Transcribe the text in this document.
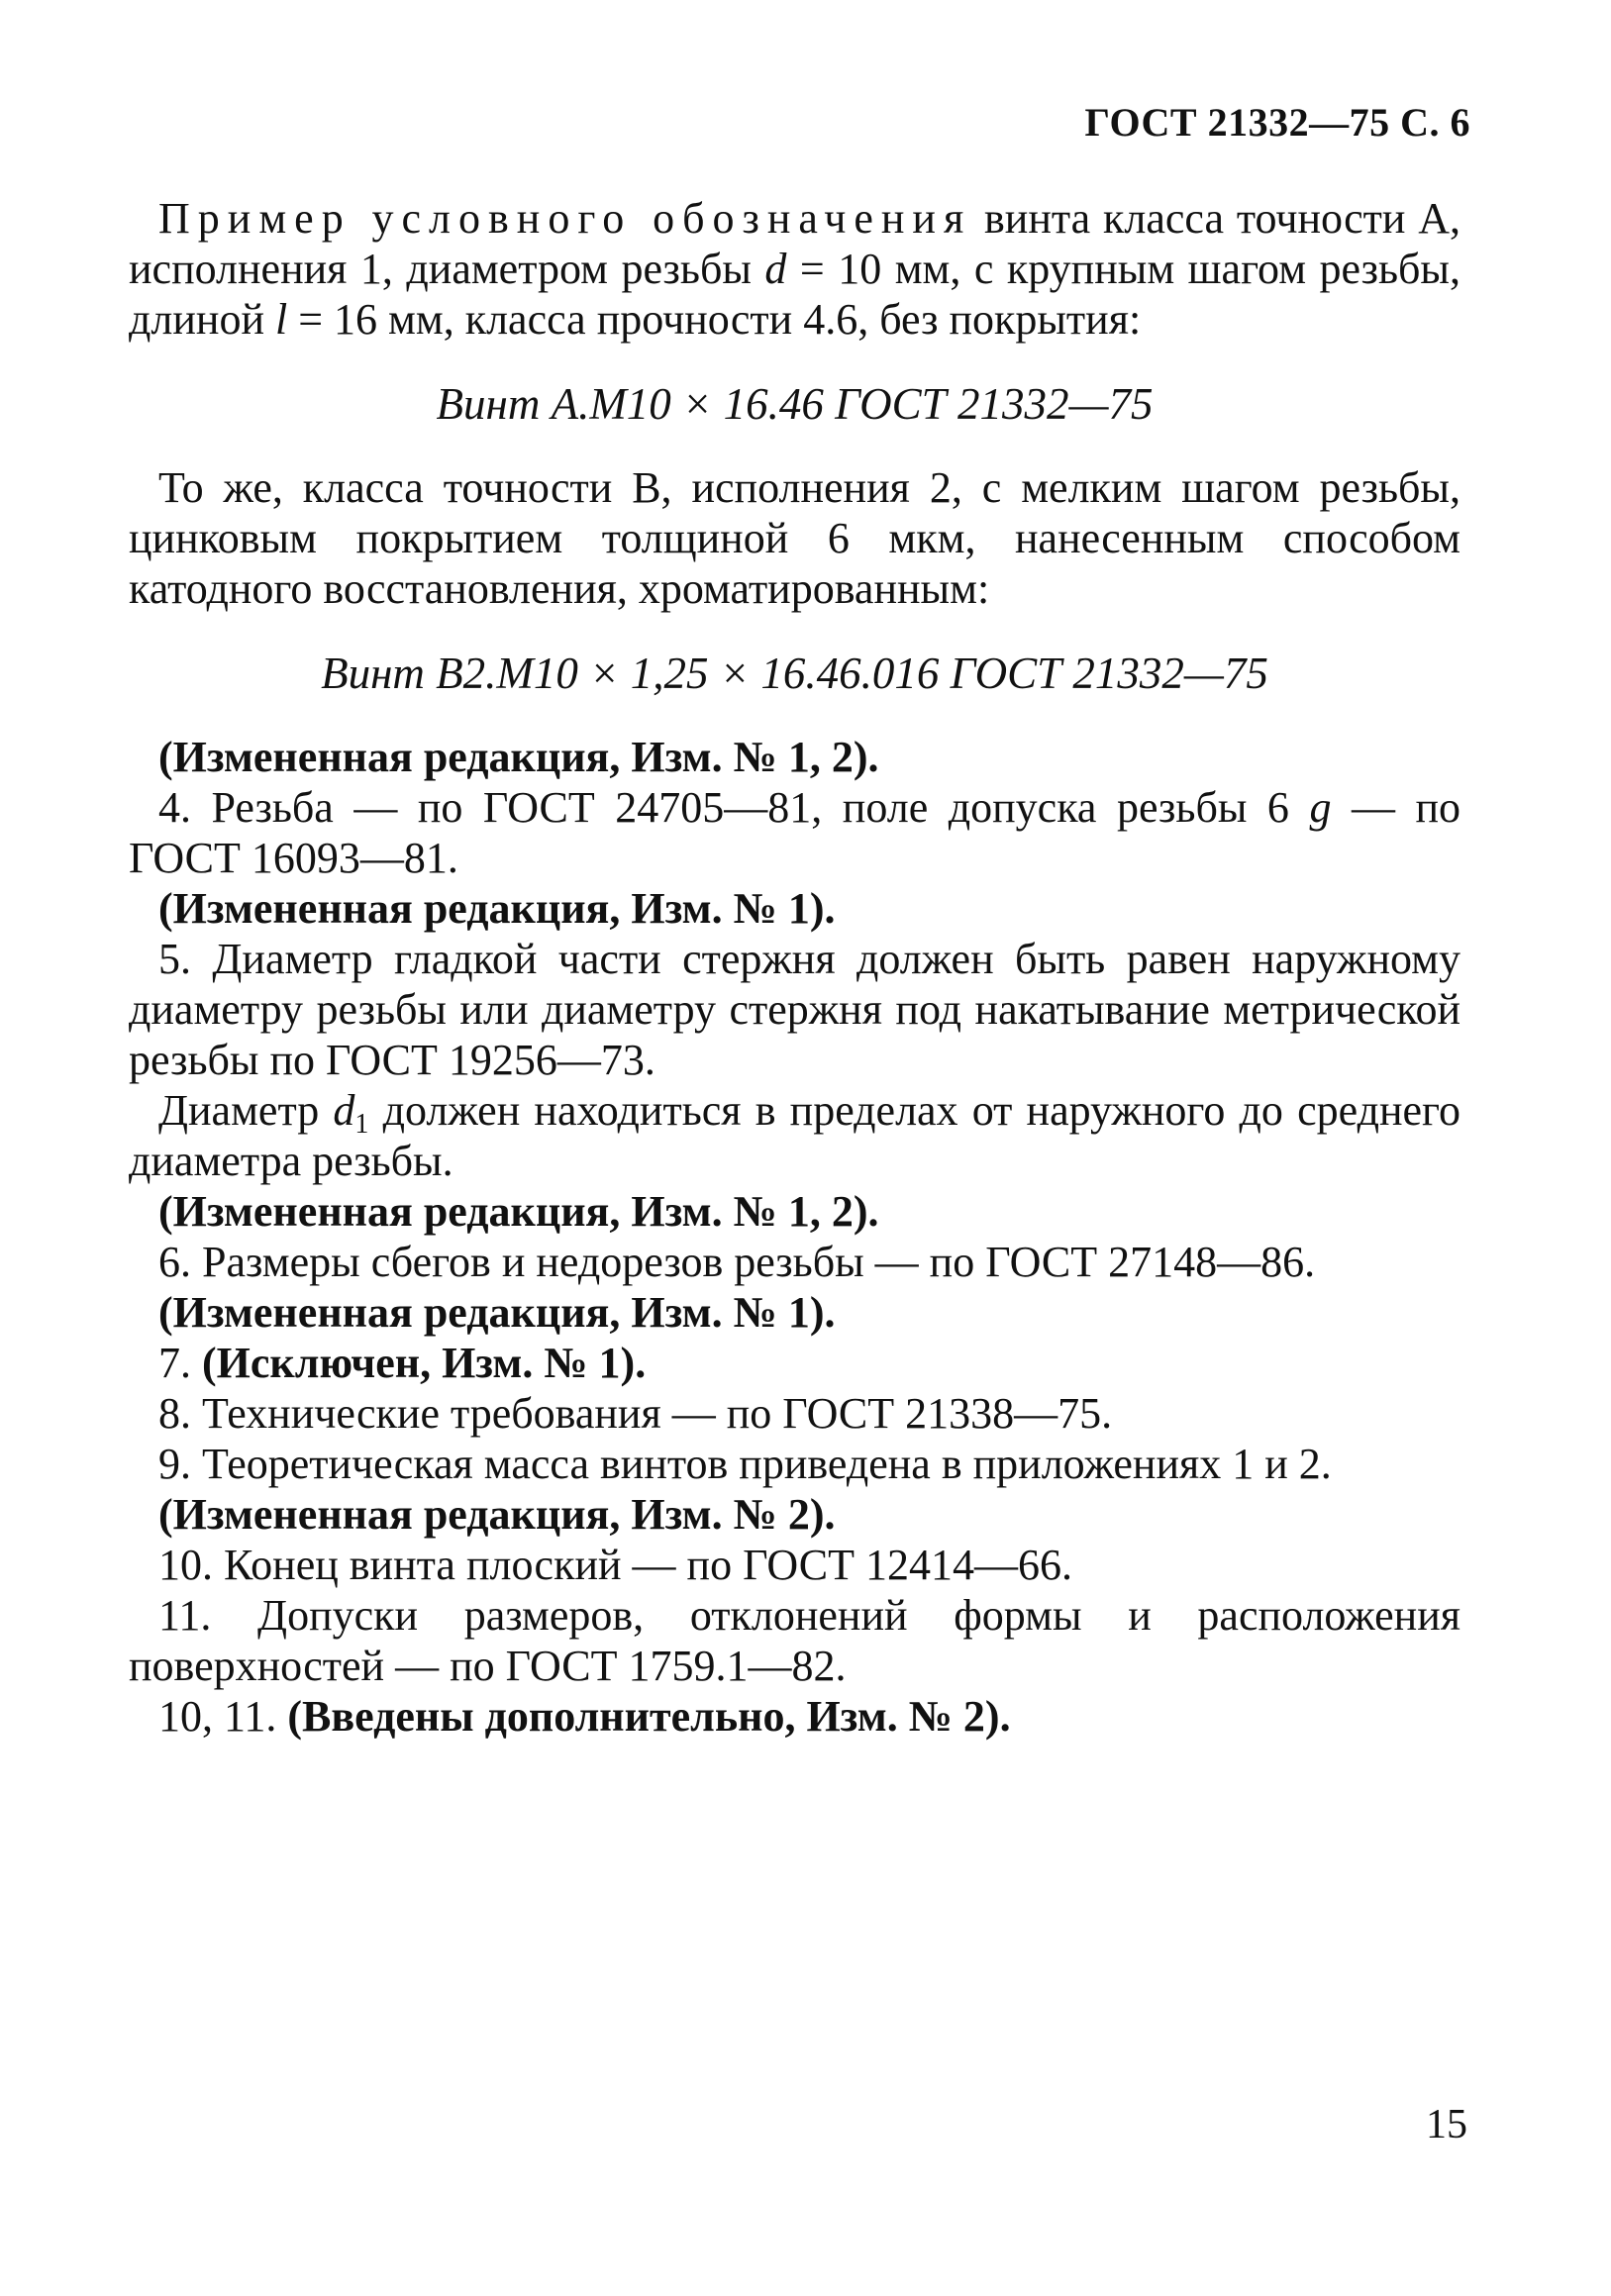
ГОСТ 21332—75 С. 6

Пример условного обозначения винта класса точности А, исполнения 1, диаметром резьбы d = 10 мм, с крупным шагом резьбы, длиной l = 16 мм, класса прочности 4.6, без покрытия:

Винт А.М10 × 16.46 ГОСТ 21332—75

То же, класса точности В, исполнения 2, с мелким шагом резьбы, цинковым покрытием толщиной 6 мкм, нанесенным способом катодного восстановления, хроматированным:

Винт В2.М10 × 1,25 × 16.46.016 ГОСТ 21332—75

(Измененная редакция, Изм. № 1, 2).

4. Резьба — по ГОСТ 24705—81, поле допуска резьбы 6 g — по ГОСТ 16093—81.

(Измененная редакция, Изм. № 1).

5. Диаметр гладкой части стержня должен быть равен наружному диаметру резьбы или диаметру стержня под накатывание метрической резьбы по ГОСТ 19256—73.

Диаметр $d_1$ должен находиться в пределах от наружного до среднего диаметра резьбы.

(Измененная редакция, Изм. № 1, 2).

6. Размеры сбегов и недорезов резьбы — по ГОСТ 27148—86.

(Измененная редакция, Изм. № 1).

7. (Исключен, Изм. № 1).

8. Технические требования — по ГОСТ 21338—75.

9. Теоретическая масса винтов приведена в приложениях 1 и 2.

(Измененная редакция, Изм. № 2).

10. Конец винта плоский — по ГОСТ 12414—66.

11. Допуски размеров, отклонений формы и расположения поверхностей — по ГОСТ 1759.1—82.

10, 11. (Введены дополнительно, Изм. № 2).

15
